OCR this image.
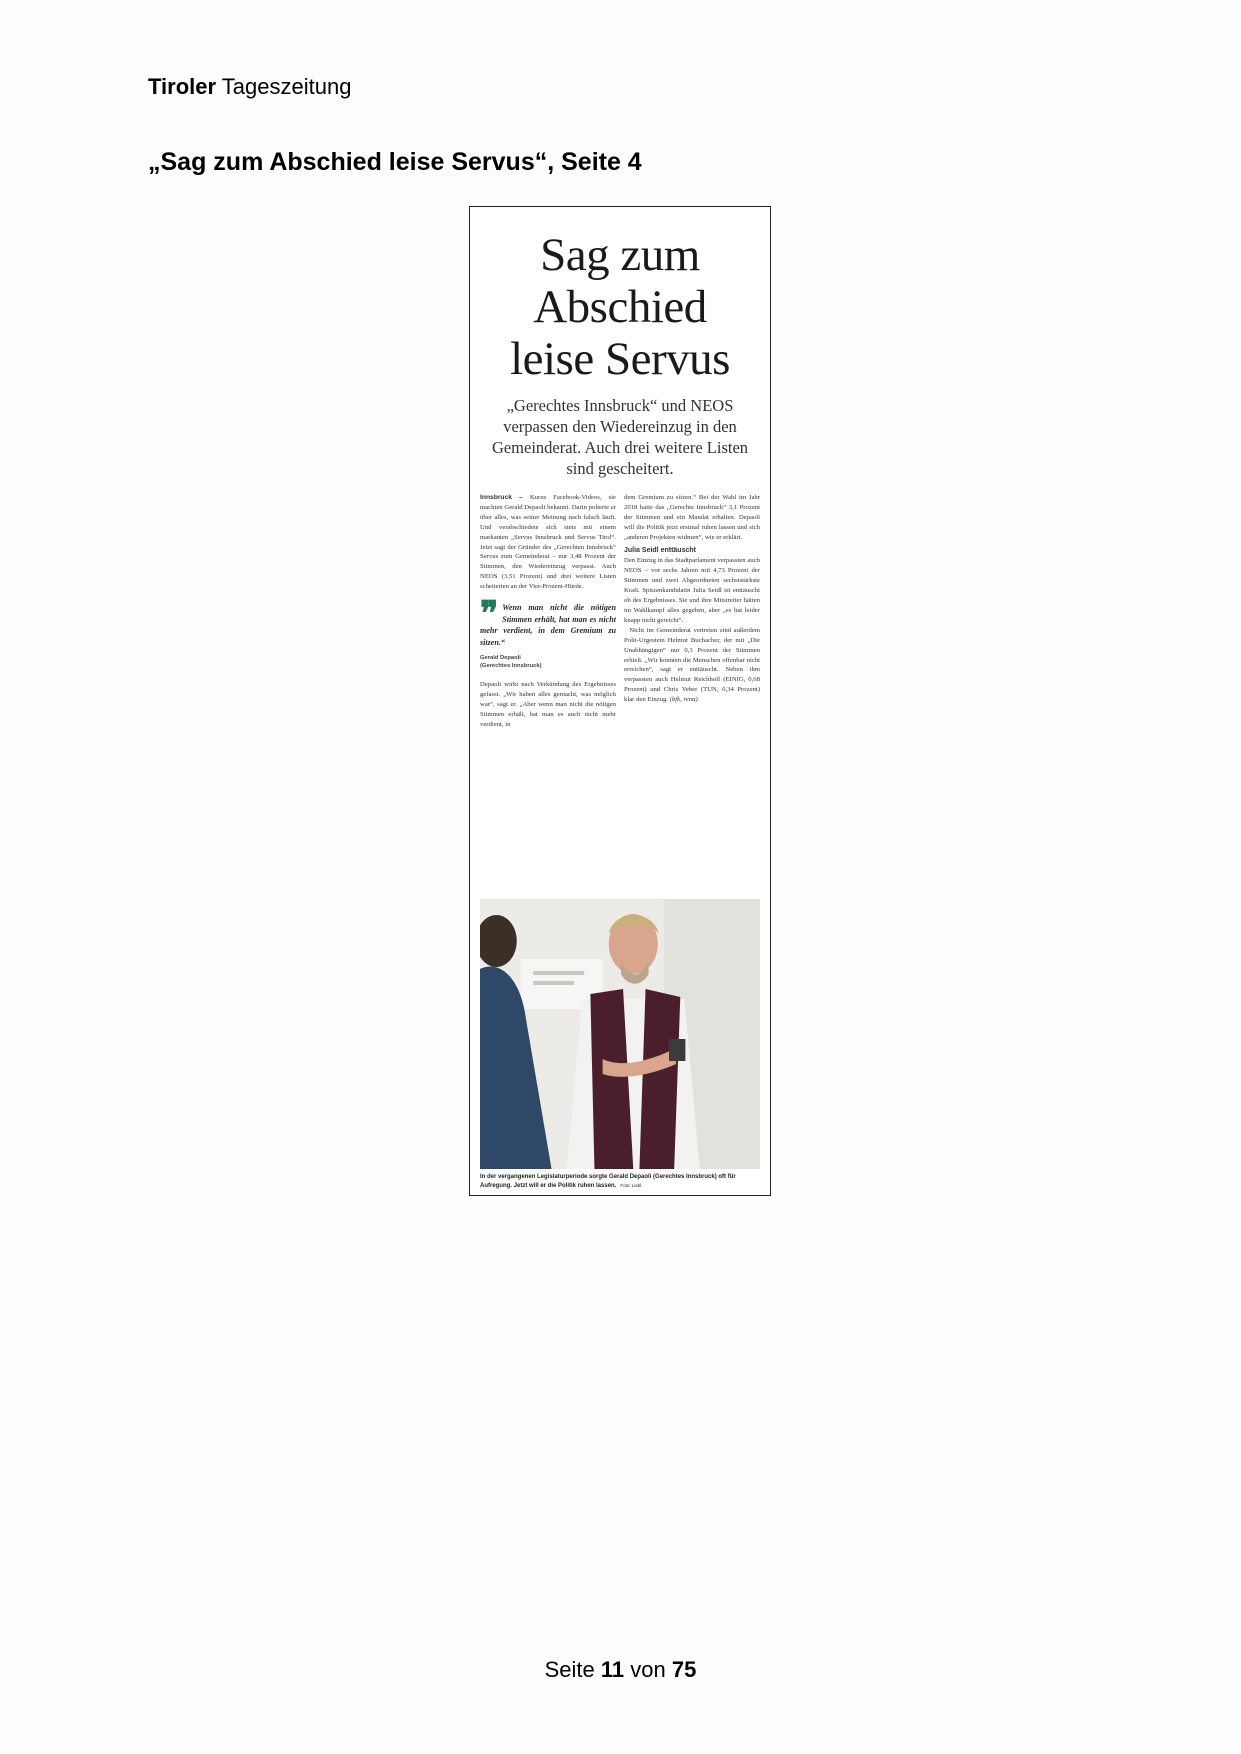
Tiroler Tageszeitung
„Sag zum Abschied leise Servus“, Seite 4
Sag zum
Abschied
leise Servus
„Gerechtes Innsbruck“ und NEOS verpassen den Wiedereinzug in den Gemeinderat. Auch drei weitere Listen sind gescheitert.

Innsbruck – Kurze Facebook-Videos, sie machten Gerald Depaoli bekannt. Darin polterte er über alles, was seiner Meinung nach falsch läuft. Und verabschiedete sich stets mit einem markanten „Servus Innsbruck und Servus Tirol“. Jetzt sagt der Gründer des „Gerechten Innsbruck“ Servus zum Gemeinderat – nur 3,48 Prozent der Stimmen, den Wiedereinzug verpasst. Auch NEOS (3,51 Prozent) und drei weitere Listen scheiterten an der Vier-Prozent-Hürde.

❞ Wenn man nicht die nötigen Stimmen erhält, hat man es nicht mehr verdient, in dem Gremium zu sitzen.“
Gerald Depaoli
(Gerechtes Innsbruck)

Depaoli wirkt nach Verkündung des Ergebnisses gefasst. „Wir haben alles gemacht, was möglich war“, sagt er. „Aber wenn man nicht die nötigen Stimmen erhält, hat man es auch nicht mehr verdient, in

dem Gremium zu sitzen.“ Bei der Wahl im Jahr 2018 hatte das „Gerechte Innsbruck“ 3,1 Prozent der Stimmen und ein Mandat erhalten. Depaoli will die Politik jetzt erstmal ruhen lassen und sich „anderen Projekten widmen“, wie er erklärt.

Julia Seidl enttäuscht

Den Einzug in das Stadtparlament verpassten auch NEOS – vor sechs Jahren mit 4,73 Prozent der Stimmen und zwei Abgeordneten sechststärkste Kraft. Spitzenkandidatin Julia Seidl ist enttäuscht ob des Ergebnisses. Sie und ihre Mitstreiter hätten im Wahlkampf alles gegeben, aber „es hat leider knapp nicht gereicht“.

Nicht im Gemeinderat vertreten sind außerdem Polit-Urgestein Helmut Buchacher, der mit „Die Unabhängigen“ nur 0,3 Prozent der Stimmen erhielt. „Wir konnten die Menschen offenbar nicht erreichen“, sagt er enttäuscht. Neben ihm verpassten auch Helmut Reichholf (EINIG, 0,68 Prozent) und Chris Veber (TUN, 0,34 Prozent) klar den Einzug. (bfk, rena)

In der vergangenen Legislaturperiode sorgte Gerald Depaoli (Gerechtes Innsbruck) oft für Aufregung. Jetzt will er die Politik ruhen lassen. Foto: Liebl
Seite 11 von 75
